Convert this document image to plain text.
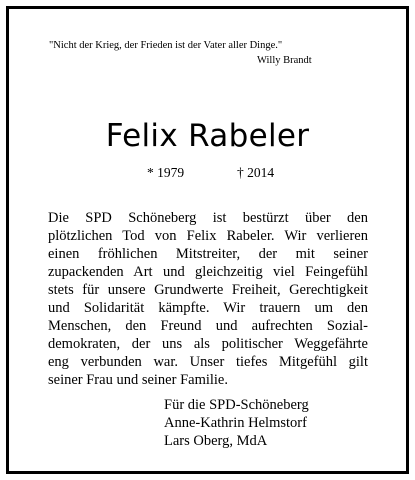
"Nicht der Krieg, der Frieden ist der Vater aller Dinge."
Willy Brandt
Felix Rabeler
* 1979	† 2014
Die SPD Schöneberg ist bestürzt über den
plötzlichen Tod von Felix Rabeler. Wir verlieren
einen fröhlichen Mitstreiter, der mit seiner
zupackenden Art und gleichzeitig viel Feingefühl
stets für unsere Grundwerte Freiheit, Gerechtigkeit
und Solidarität kämpfte. Wir trauern um den
Menschen, den Freund und aufrechten Sozial-
demokraten, der uns als politischer Weggefährte
eng verbunden war. Unser tiefes Mitgefühl gilt
seiner Frau und seiner Familie.
Für die SPD-Schöneberg
Anne-Kathrin Helmstorf
Lars Oberg, MdA
